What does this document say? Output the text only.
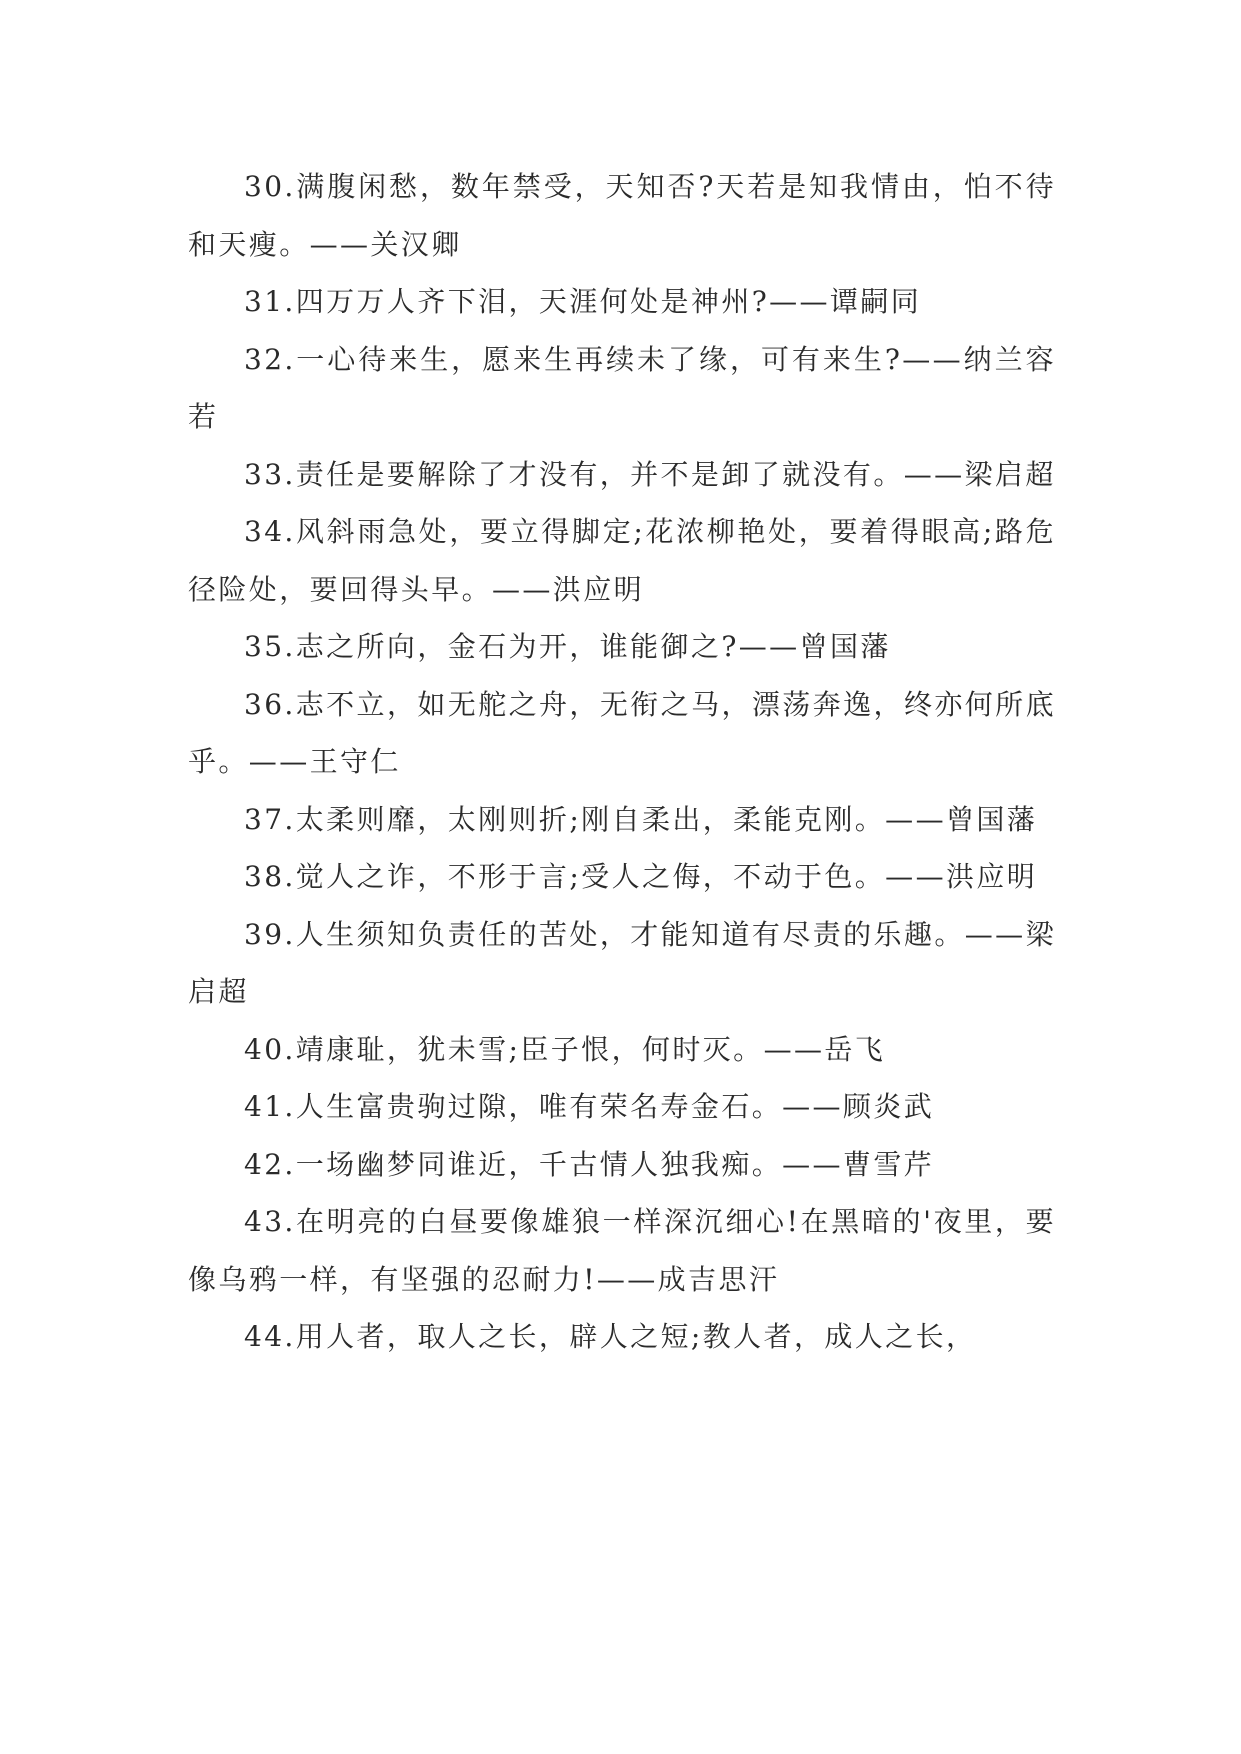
30.满腹闲愁，数年禁受，天知否?天若是知我情由，怕不待和天瘦。——关汉卿

31.四万万人齐下泪，天涯何处是神州?——谭嗣同

32.一心待来生，愿来生再续未了缘，可有来生?——纳兰容若

33.责任是要解除了才没有，并不是卸了就没有。——梁启超

34.风斜雨急处，要立得脚定;花浓柳艳处，要着得眼高;路危径险处，要回得头早。——洪应明

35.志之所向，金石为开，谁能御之?——曾国藩

36.志不立，如无舵之舟，无衔之马，漂荡奔逸，终亦何所底乎。——王守仁

37.太柔则靡，太刚则折;刚自柔出，柔能克刚。——曾国藩

38.觉人之诈，不形于言;受人之侮，不动于色。——洪应明

39.人生须知负责任的苦处，才能知道有尽责的乐趣。——梁启超

40.靖康耻，犹未雪;臣子恨，何时灭。——岳飞

41.人生富贵驹过隙，唯有荣名寿金石。——顾炎武

42.一场幽梦同谁近，千古情人独我痴。——曹雪芹

43.在明亮的白昼要像雄狼一样深沉细心!在黑暗的'夜里，要像乌鸦一样，有坚强的忍耐力!——成吉思汗

44.用人者，取人之长，辟人之短;教人者，成人之长，
